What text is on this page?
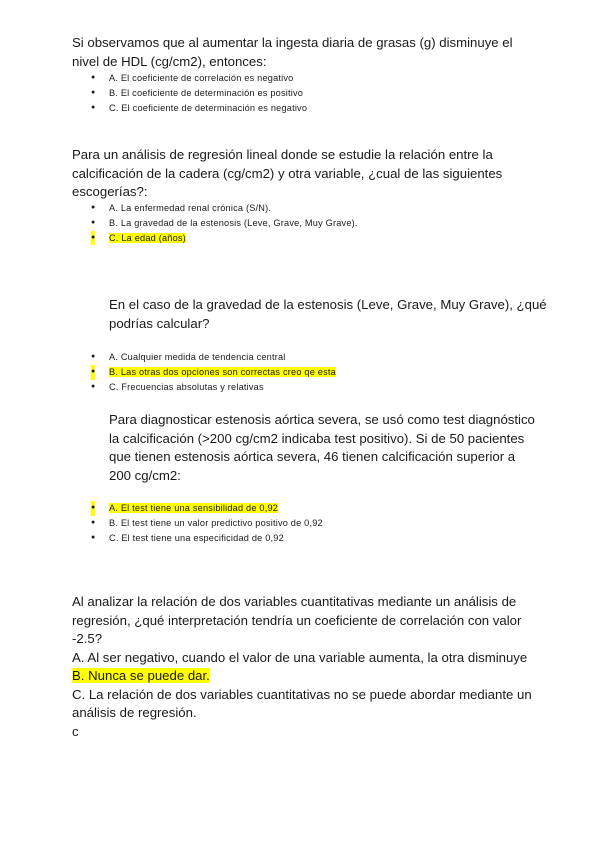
Si observamos que al aumentar la ingesta diaria de grasas (g) disminuye el nivel de HDL (cg/cm2), entonces:
● A. El coeficiente de correlación es negativo
● B. El coeficiente de determinación es positivo
● C. El coeficiente de determinación es negativo
Para un análisis de regresión lineal donde se estudie la relación entre la calcificación de la cadera (cg/cm2) y otra variable, ¿cual de las siguientes escogerías?:
● A. La enfermedad renal crónica (S/N).
● B. La gravedad de la estenosis (Leve, Grave, Muy Grave).
● C. La edad (años)
En el caso de la gravedad de la estenosis (Leve, Grave, Muy Grave), ¿qué podrías calcular?
● A. Cualquier medida de tendencia central
● B. Las otras dos opciones son correctas creo qe esta
● C. Frecuencias absolutas y relativas
Para diagnosticar estenosis aórtica severa, se usó como test diagnóstico la calcificación (>200 cg/cm2 indicaba test positivo). Si de 50 pacientes que tienen estenosis aórtica severa, 46 tienen calcificación superior a 200 cg/cm2:
● A. El test tiene una sensibilidad de 0,92
● B. El test tiene un valor predictivo positivo de 0,92
● C. El test tiene una especificidad de 0,92
Al analizar la relación de dos variables cuantitativas mediante un análisis de regresión, ¿qué interpretación tendría un coeficiente de correlación con valor -2.5?
A. Al ser negativo, cuando el valor de una variable aumenta, la otra disminuye
B. Nunca se puede dar.
C. La relación de dos variables cuantitativas no se puede abordar mediante un análisis de regresión.
c
